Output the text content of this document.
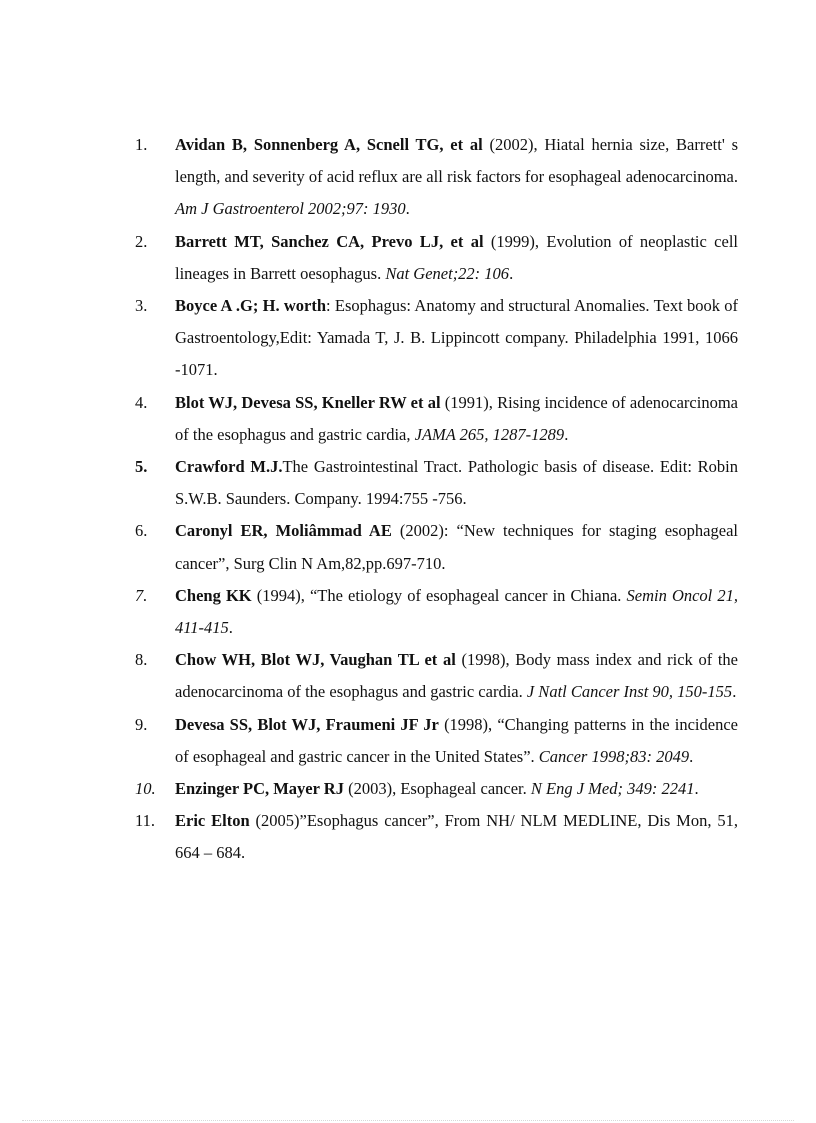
1. Avidan B, Sonnenberg A, Scnell TG, et al (2002), Hiatal hernia size, Barrett' s length, and severity of acid reflux are all risk factors for esophageal adenocarcinoma. Am J Gastroenterol 2002;97: 1930.
2. Barrett MT, Sanchez CA, Prevo LJ, et al (1999), Evolution of neoplastic cell lineages in Barrett oesophagus. Nat Genet;22: 106.
3. Boyce A .G; H. worth: Esophagus: Anatomy and structural Anomalies. Text book of Gastroentology,Edit: Yamada T, J. B. Lippincott company. Philadelphia 1991, 1066 -1071.
4. Blot WJ, Devesa SS, Kneller RW et al (1991), Rising incidence of adenocarcinoma of the esophagus and gastric cardia, JAMA 265, 1287-1289.
5. Crawford M.J.The Gastrointestinal Tract. Pathologic basis of disease. Edit: Robin S.W.B. Saunders. Company. 1994:755 -756.
6. Caronyl ER, Moliâmmad AE (2002): “New techniques for staging esophageal cancer”, Surg Clin N Am,82,pp.697-710.
7. Cheng KK (1994), “The etiology of esophageal cancer in Chiana. Semin Oncol 21, 411-415.
8. Chow WH, Blot WJ, Vaughan TL et al (1998), Body mass index and rick of the adenocarcinoma of the esophagus and gastric cardia. J Natl Cancer Inst 90, 150-155.
9. Devesa SS, Blot WJ, Fraumeni JF Jr (1998), “Changing patterns in the incidence of esophageal and gastric cancer in the United States”. Cancer 1998;83: 2049.
10. Enzinger PC, Mayer RJ (2003), Esophageal cancer. N Eng J Med; 349: 2241.
11. Eric Elton (2005)”Esophagus cancer”, From NH/ NLM MEDLINE, Dis Mon, 51, 664 – 684.
